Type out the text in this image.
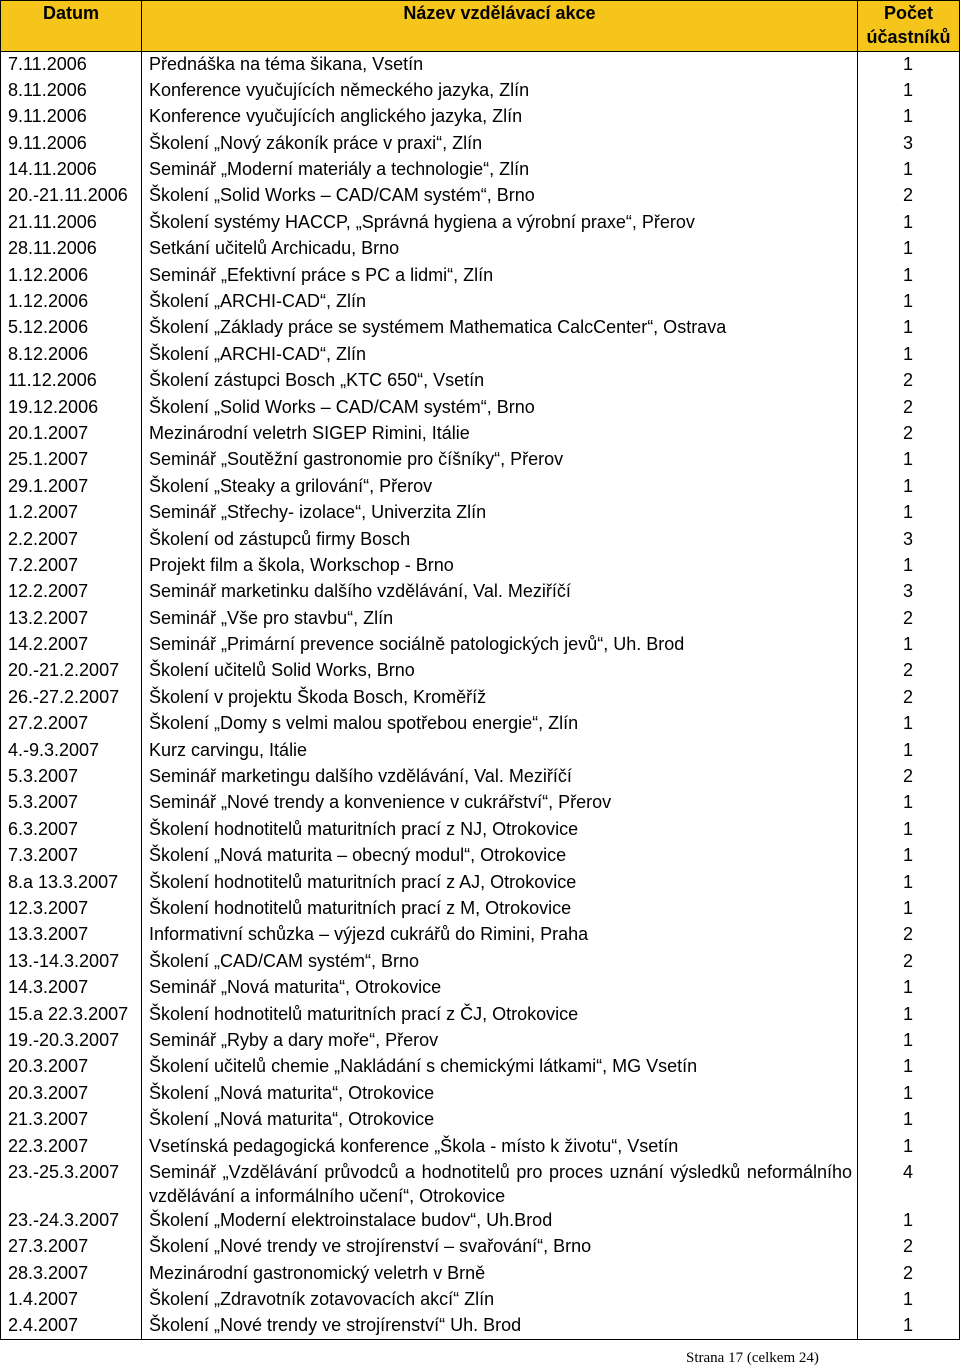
Datum	Název vzdělávací akce	Počet
účastníků
7.11.2006	Přednáška na téma šikana, Vsetín	1
8.11.2006	Konference vyučujících německého jazyka, Zlín	1
9.11.2006	Konference vyučujících anglického jazyka, Zlín	1
9.11.2006	Školení „Nový zákoník práce v praxi“, Zlín	3
14.11.2006	Seminář „Moderní materiály a technologie“, Zlín	1
20.-21.11.2006	Školení „Solid Works – CAD/CAM systém“, Brno	2
21.11.2006	Školení systémy HACCP, „Správná hygiena a výrobní praxe“, Přerov	1
28.11.2006	Setkání učitelů Archicadu, Brno	1
1.12.2006	Seminář „Efektivní práce s PC a lidmi“, Zlín	1
1.12.2006	Školení „ARCHI-CAD“, Zlín	1
5.12.2006	Školení „Základy práce se systémem Mathematica CalcCenter“, Ostrava	1
8.12.2006	Školení „ARCHI-CAD“, Zlín	1
11.12.2006	Školení zástupci Bosch „KTC 650“, Vsetín	2
19.12.2006	Školení „Solid Works – CAD/CAM systém“, Brno	2
20.1.2007	Mezinárodní veletrh SIGEP Rimini, Itálie	2
25.1.2007	Seminář „Soutěžní gastronomie pro číšníky“, Přerov	1
29.1.2007	Školení „Steaky a grilování“, Přerov	1
1.2.2007	Seminář „Střechy- izolace“, Univerzita Zlín	1
2.2.2007	Školení od zástupců firmy Bosch	3
7.2.2007	Projekt film a škola, Workschop - Brno	1
12.2.2007	Seminář marketinku dalšího vzdělávání, Val. Meziříčí	3
13.2.2007	Seminář „Vše pro stavbu“, Zlín	2
14.2.2007	Seminář „Primární prevence sociálně patologických jevů“, Uh. Brod	1
20.-21.2.2007	Školení učitelů Solid Works, Brno	2
26.-27.2.2007	Školení v projektu Škoda Bosch, Kroměříž	2
27.2.2007	Školení „Domy s velmi malou spotřebou energie“, Zlín	1
4.-9.3.2007	Kurz carvingu, Itálie	1
5.3.2007	Seminář marketingu dalšího vzdělávání, Val. Meziříčí	2
5.3.2007	Seminář „Nové trendy a konvenience v cukrářství“, Přerov	1
6.3.2007	Školení hodnotitelů maturitních prací z NJ, Otrokovice	1
7.3.2007	Školení „Nová maturita – obecný modul“, Otrokovice	1
8.a 13.3.2007	Školení hodnotitelů maturitních prací z AJ, Otrokovice	1
12.3.2007	Školení hodnotitelů maturitních prací z M, Otrokovice	1
13.3.2007	Informativní schůzka – výjezd cukrářů do Rimini, Praha	2
13.-14.3.2007	Školení „CAD/CAM systém“, Brno	2
14.3.2007	Seminář „Nová maturita“, Otrokovice	1
15.a 22.3.2007	Školení hodnotitelů maturitních prací z ČJ, Otrokovice	1
19.-20.3.2007	Seminář „Ryby a dary moře“, Přerov	1
20.3.2007	Školení učitelů chemie „Nakládání s chemickými látkami“, MG Vsetín	1
20.3.2007	Školení „Nová maturita“, Otrokovice	1
21.3.2007	Školení „Nová maturita“, Otrokovice	1
22.3.2007	Vsetínská pedagogická konference „Škola - místo k životu“, Vsetín	1
23.-25.3.2007	Seminář „Vzdělávání průvodců a hodnotitelů pro proces uznání výsledků neformálního vzdělávání a informálního učení“, Otrokovice	4
23.-24.3.2007	Školení „Moderní elektroinstalace budov“, Uh.Brod	1
27.3.2007	Školení „Nové trendy ve strojírenství – svařování“, Brno	2
28.3.2007	Mezinárodní gastronomický veletrh v Brně	2
1.4.2007	Školení „Zdravotník zotavovacích akcí“ Zlín	1
2.4.2007	Školení „Nové trendy ve strojírenství“ Uh. Brod	1
Strana 17 (celkem 24)
